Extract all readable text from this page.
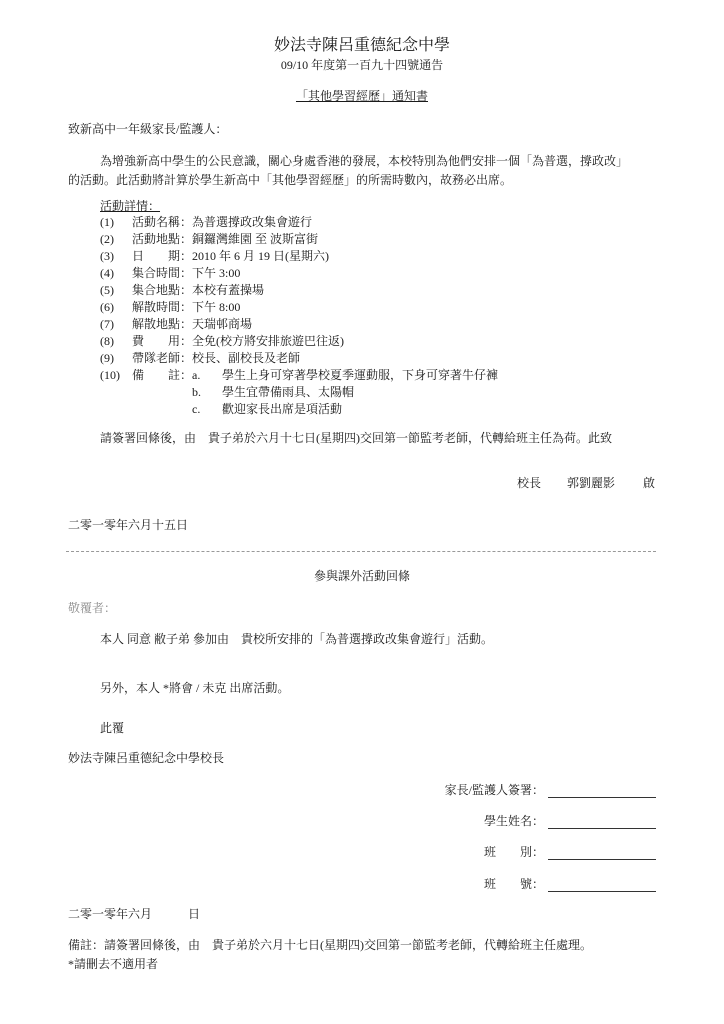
妙法寺陳呂重德紀念中學
09/10 年度第一百九十四號通告
「其他學習經歷」通知書
致新高中一年級家長/監護人：
為增強新高中學生的公民意識，關心身處香港的發展，本校特別為他們安排一個「為普選，撐政改」
的活動。此活動將計算於學生新高中「其他學習經歷」的所需時數內，故務必出席。
活動詳情：
(1) 活動名稱：為普選撐政改集會遊行
(2) 活動地點：銅鑼灣維園 至 波斯富街
(3) 日期：2010 年 6 月 19 日(星期六)
(4) 集合時間：下午 3:00
(5) 集合地點：本校有蓋操場
(6) 解散時間：下午 8:00
(7) 解散地點：天瑞邨商場
(8) 費用：全免(校方將安排旅遊巴往返)
(9) 帶隊老師：校長、副校長及老師
(10) 備註：a. 學生上身可穿著學校夏季運動服，下身可穿著牛仔褲
b. 學生宜帶備雨具、太陽帽
c. 歡迎家長出席是項活動
請簽署回條後，由　貴子弟於六月十七日(星期四)交回第一節監考老師，代轉給班主任為荷。此致
校長 郭劉麗影 啟
二零一零年六月十五日
參與課外活動回條
敬覆者：
本人 同意 敝子弟 參加由　貴校所安排的「為普選撐政改集會遊行」活動。
另外，本人 *將會 / 未克 出席活動。
此覆
妙法寺陳呂重德紀念中學校長
家長/監護人簽署：
學生姓名：
班　　別：
班　　號：
二零一零年六月　　　日
備註：請簽署回條後，由　貴子弟於六月十七日(星期四)交回第一節監考老師，代轉給班主任處理。
*請刪去不適用者
